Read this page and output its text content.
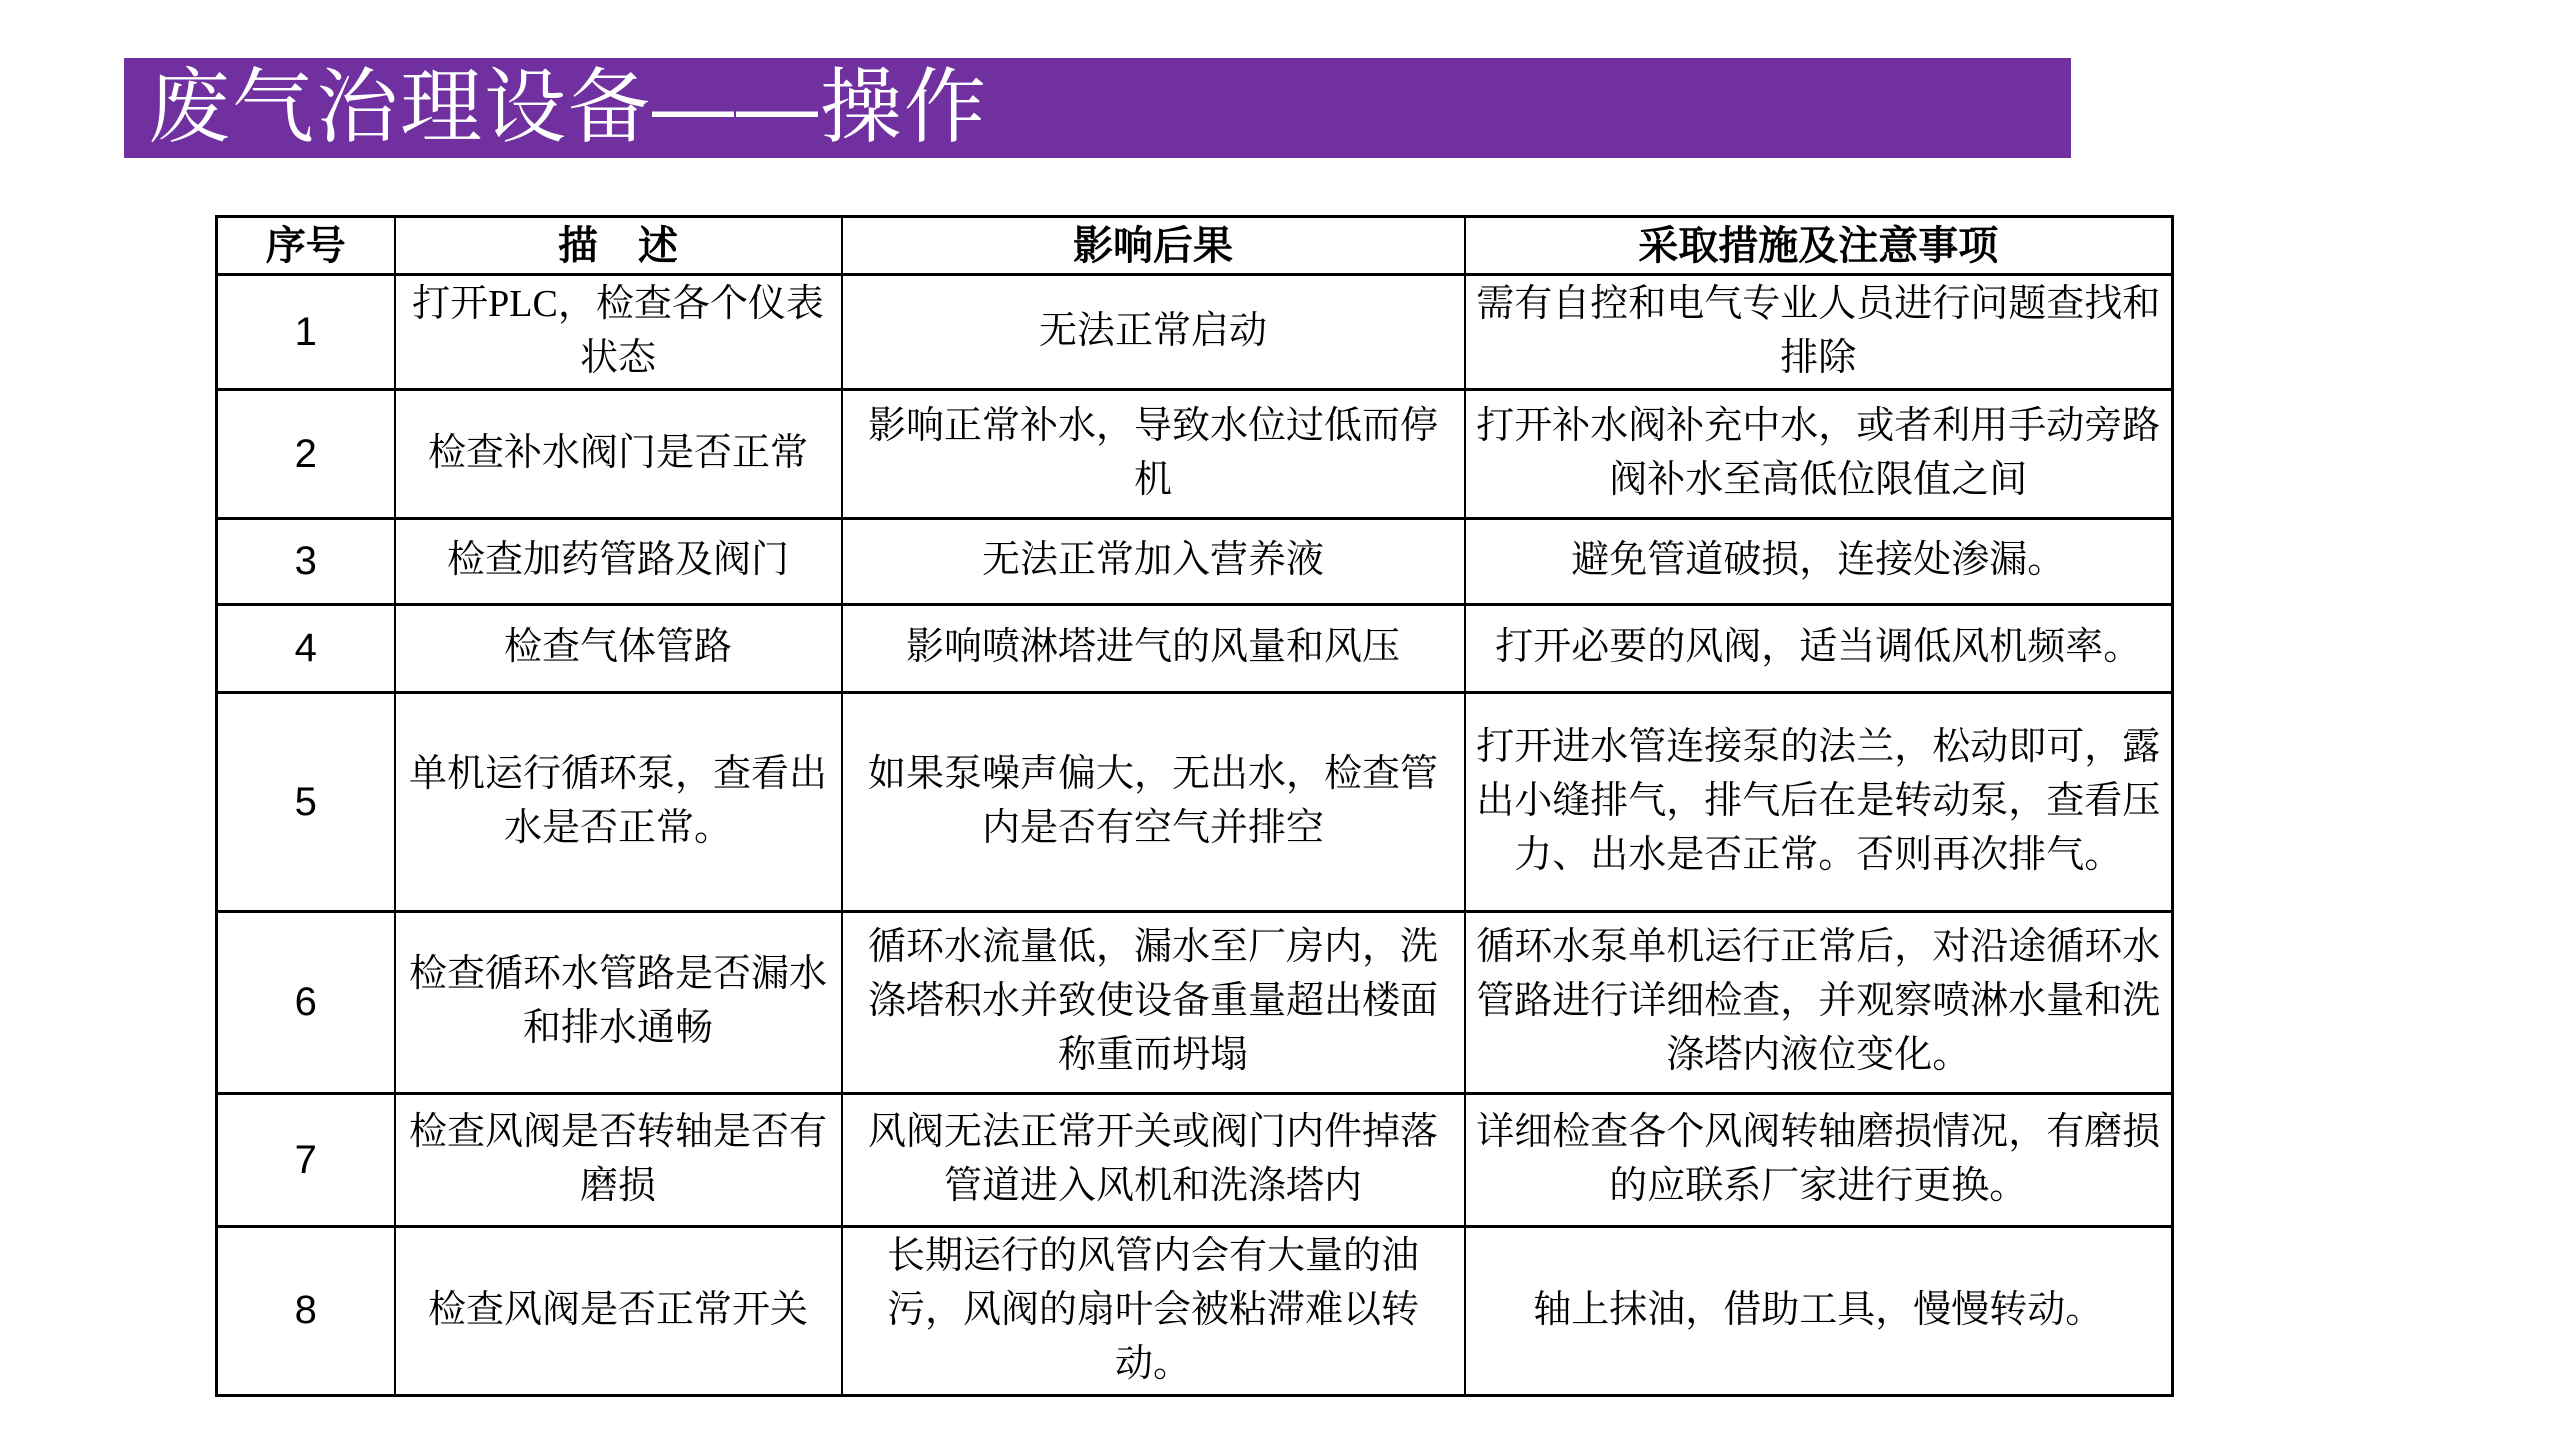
废气治理设备——操作
序号	描　述	影响后果	采取措施及注意事项
1	打开PLC，检查各个仪表状态	无法正常启动	需有自控和电气专业人员进行问题查找和排除
2	检查补水阀门是否正常	影响正常补水，导致水位过低而停机	打开补水阀补充中水，或者利用手动旁路阀补水至高低位限值之间
3	检查加药管路及阀门	无法正常加入营养液	避免管道破损，连接处渗漏。
4	检查气体管路	影响喷淋塔进气的风量和风压	打开必要的风阀，适当调低风机频率。
5	单机运行循环泵，查看出水是否正常。	如果泵噪声偏大，无出水，检查管内是否有空气并排空	打开进水管连接泵的法兰，松动即可，露出小缝排气，排气后在是转动泵，查看压力、出水是否正常。否则再次排气。
6	检查循环水管路是否漏水和排水通畅	循环水流量低，漏水至厂房内，洗涤塔积水并致使设备重量超出楼面称重而坍塌	循环水泵单机运行正常后，对沿途循环水管路进行详细检查，并观察喷淋水量和洗涤塔内液位变化。
7	检查风阀是否转轴是否有磨损	风阀无法正常开关或阀门内件掉落管道进入风机和洗涤塔内	详细检查各个风阀转轴磨损情况，有磨损的应联系厂家进行更换。
8	检查风阀是否正常开关	长期运行的风管内会有大量的油污，风阀的扇叶会被粘滞难以转动。	轴上抹油，借助工具，慢慢转动。
